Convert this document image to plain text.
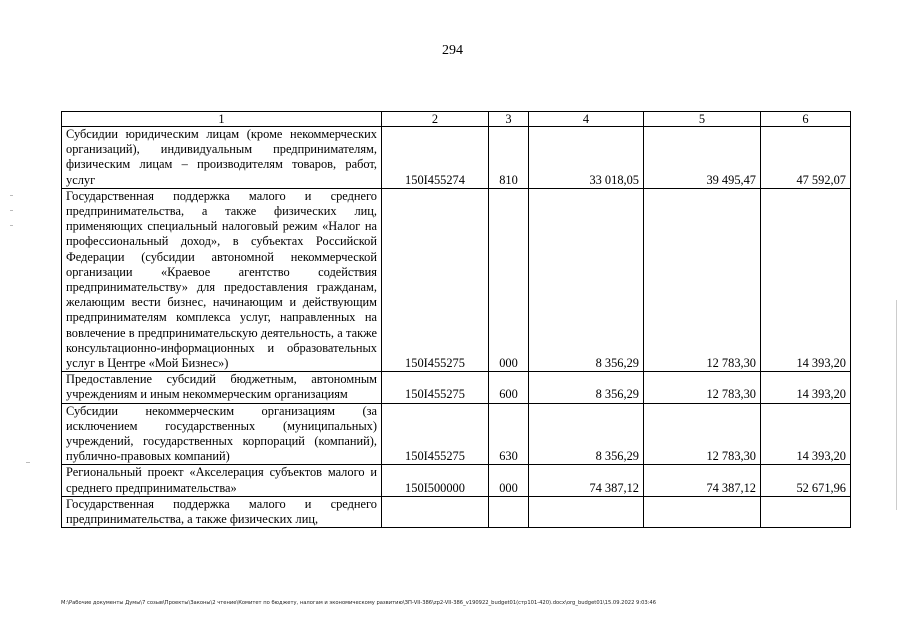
294
1	2	3	4	5	6
Субсидии юридическим лицам (кроме некоммерческих организаций), индивидуальным предпринимателям, физическим лицам – производителям товаров, работ, услуг	150I455274	810	33 018,05	39 495,47	47 592,07
Государственная поддержка малого и среднего предпринимательства, а также физических лиц, применяющих специальный налоговый режим «Налог на профессиональный доход», в субъектах Российской Федерации (субсидии автономной некоммерческой организации «Краевое агентство содействия предпринимательству» для предоставления гражданам, желающим вести бизнес, начинающим и действующим предпринимателям комплекса услуг, направленных на вовлечение в предпринимательскую деятельность, а также консультационно-информационных и образовательных услуг в Центре «Мой Бизнес»)	150I455275	000	8 356,29	12 783,30	14 393,20
Предоставление субсидий бюджетным, автономным учреждениям и иным некоммерческим организациям	150I455275	600	8 356,29	12 783,30	14 393,20
Субсидии некоммерческим организациям (за исключением государственных (муниципальных) учреждений, государственных корпораций (компаний), публично-правовых компаний)	150I455275	630	8 356,29	12 783,30	14 393,20
Региональный проект «Акселерация субъектов малого и среднего предпринимательства»	150I500000	000	74 387,12	74 387,12	52 671,96
Государственная поддержка малого и среднего предпринимательства, а также физических лиц,					
М:\Рабочие документы Думы\7 созыв\Проекты\Законы\2 чтение\Комитет по бюджету, налогам и экономическому развитию\ЗП-VII-386\zp2-VII-386_v190922_budget01(стр101-420).docx\org_budget01\15.09.2022 9:03:46
